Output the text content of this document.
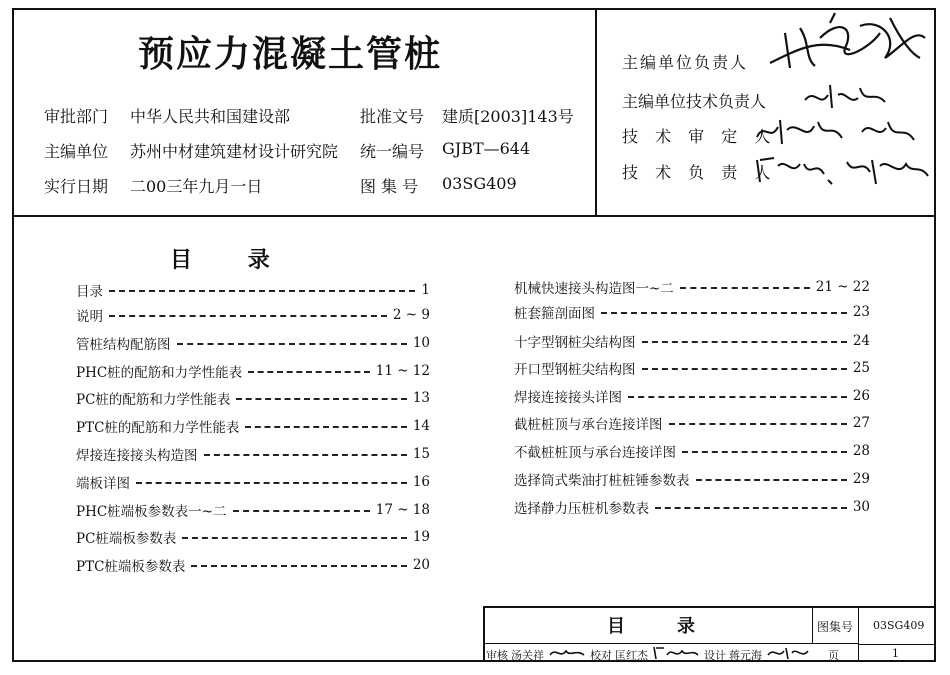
预应力混凝土管桩
审批部门 中华人民共和国建设部	批准文号 建质[2003]143号
主编单位 苏州中材建筑建材设计研究院 统一编号 GJBT—644
实行日期 二00三年九月一日	图 集 号 03SG409
主编单位负责人
主编单位技术负责人
技 术 审 定 人
技 术 负 责 人
目	录
目录	1
说明	2 ~ 9
管桩结构配筋图	10
PHC桩的配筋和力学性能表	11 ~ 12
PC桩的配筋和力学性能表	13
PTC桩的配筋和力学性能表	14
焊接连接接头构造图	15
端板详图	16
PHC桩端板参数表一~二	17 ~ 18
PC桩端板参数表	19
PTC桩端板参数表	20
机械快速接头构造图一~二	21 ~ 22
桩套箍剖面图	23
十字型钢桩尖结构图	24
开口型钢桩尖结构图	25
焊接连接接头详图	26
截桩桩顶与承台连接详图	27
不截桩桩顶与承台连接详图	28
选择筒式柴油打桩桩锤参数表	29
选择静力压桩机参数表	30
目	录	图集号 03SG409
审核 汤关祥	校对 匡红杰	设计 蒋元海	页	1
